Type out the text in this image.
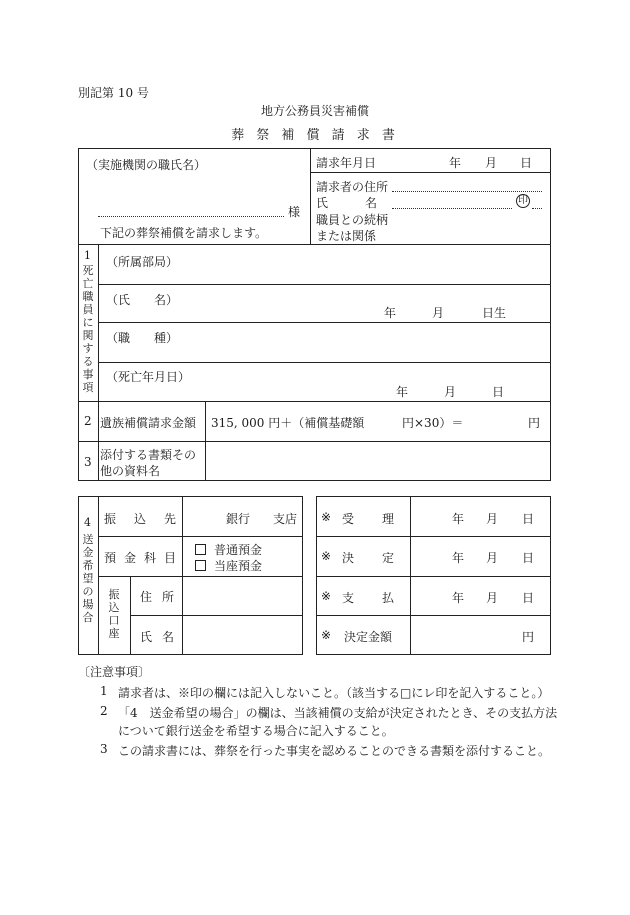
別記第 10 号
地方公務員災害補償
葬 祭 補 償 請 求 書
（実施機関の職氏名）
様
下記の葬祭補償を請求します。
請求年月日	年 月 日
請求者の住所
氏	名	印
職員との続柄
または関係
1
死亡職員に関する事項
（所属部局）
（氏　　名）
年	月	日生
（職　　種）
（死亡年月日）
年	月	日
2 遺族補償請求金額 315, 000 円＋（補償基礎額	円×30）＝	円
3 添付する書類その
他の資料名
4
送金希望の場合
振込先	銀行 支店
預金科目
普通預金
当座預金
振込口座
住所
氏名
※ 受理	年 月 日
※ 決定	年 月 日
※ 支払	年 月 日
※ 決定金額	円
〔注意事項〕
1 請求者は、※印の欄には記入しないこと。（該当する□にレ印を記入すること。）
2 「4　送金希望の場合」の欄は、当該補償の支給が決定されたとき、その支払方法
について銀行送金を希望する場合に記入すること。
3 この請求書には、葬祭を行った事実を認めることのできる書類を添付すること。
